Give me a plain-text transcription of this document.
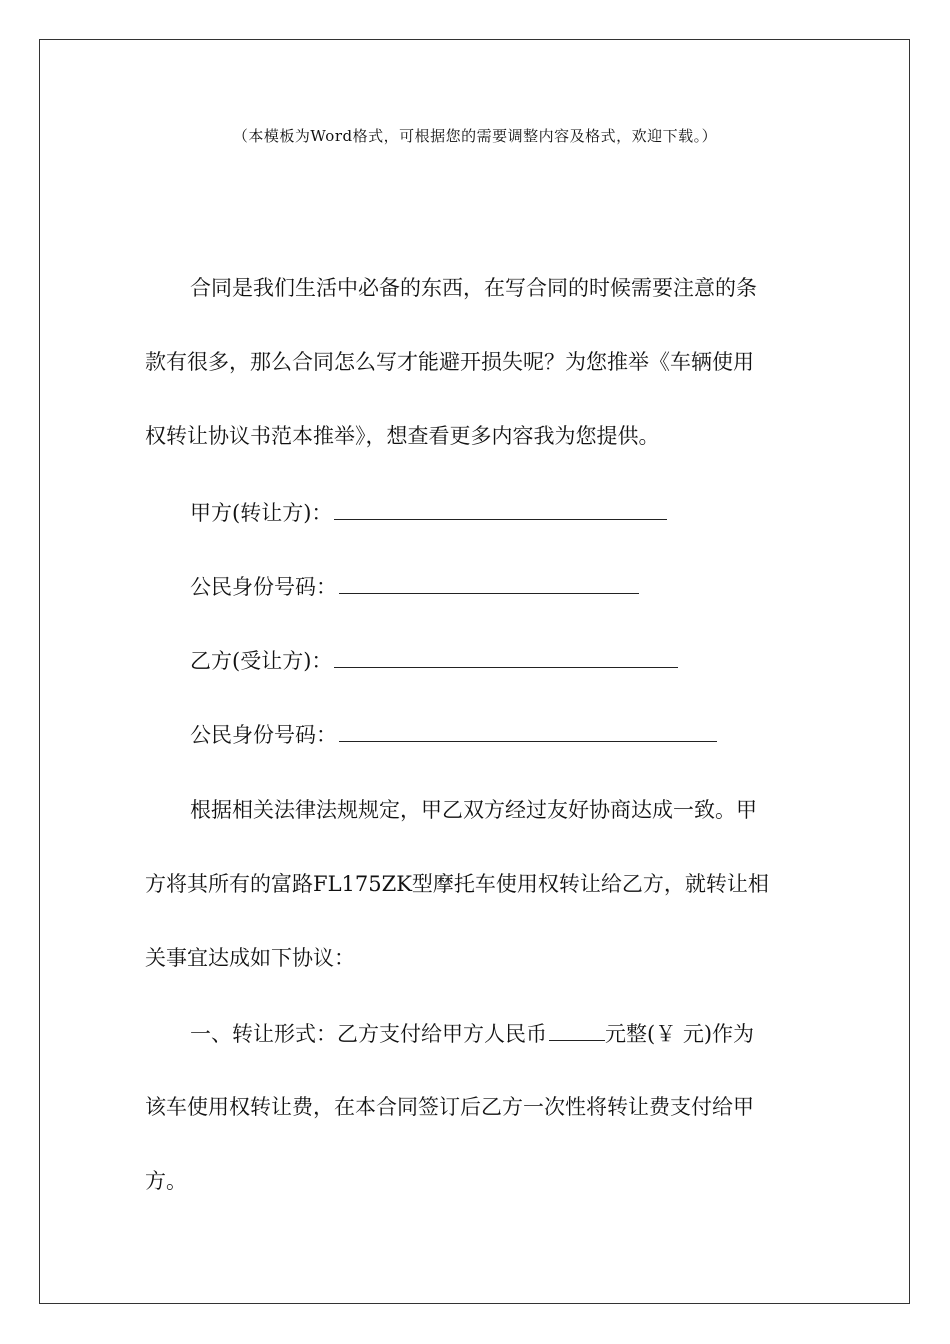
（本模板为Word格式，可根据您的需要调整内容及格式，欢迎下载。）
合同是我们生活中必备的东西，在写合同的时候需要注意的条
款有很多，那么合同怎么写才能避开损失呢？为您推举《车辆使用
权转让协议书范本推举》，想查看更多内容我为您提供。
甲方(转让方)：
公民身份号码：
乙方(受让方)：
公民身份号码：
根据相关法律法规规定，甲乙双方经过友好协商达成一致。甲
方将其所有的富路FL175ZK型摩托车使用权转让给乙方，就转让相
关事宜达成如下协议：
一、转让形式：乙方支付给甲方人民币	元整(￥ 元)作为
该车使用权转让费，在本合同签订后乙方一次性将转让费支付给甲
方。
